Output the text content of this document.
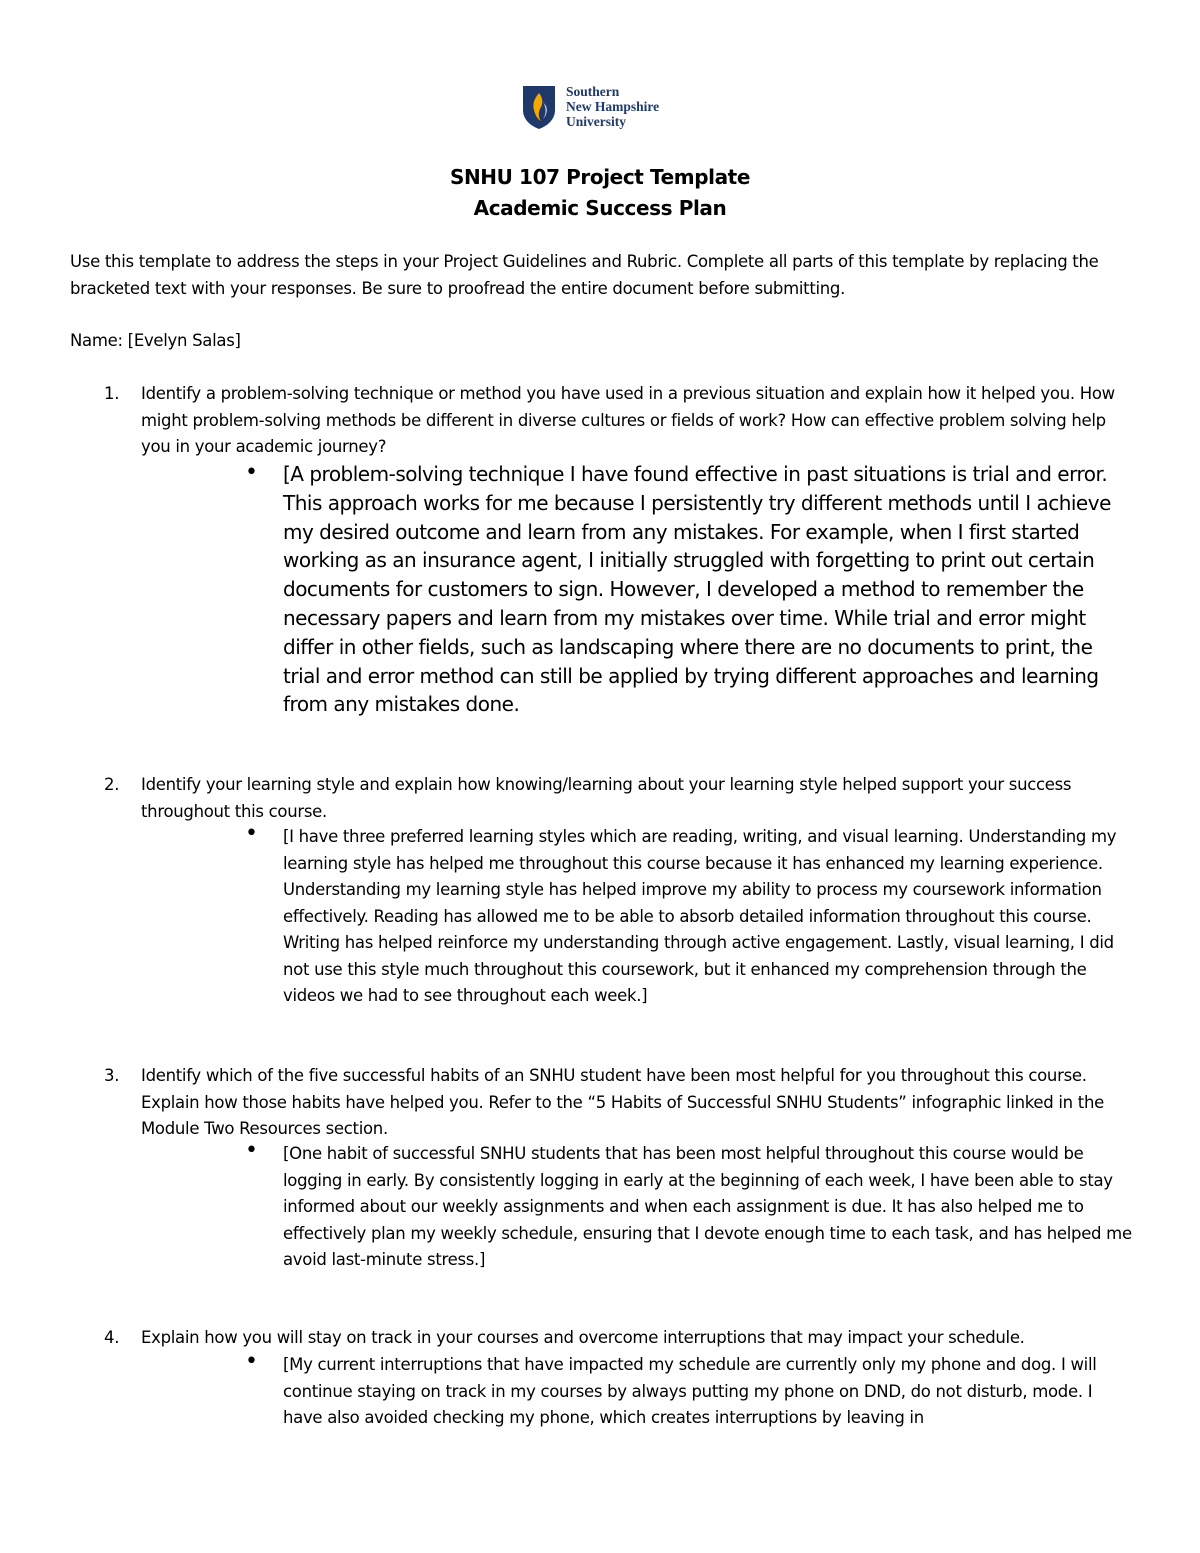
Southern
New Hampshire
University
SNHU 107 Project Template
Academic Success Plan
Use this template to address the steps in your Project Guidelines and Rubric. Complete all parts of this template by replacing the bracketed text with your responses. Be sure to proofread the entire document before submitting.
Name: [Evelyn Salas]
1.	Identify a problem-solving technique or method you have used in a previous situation and explain how it helped you. How might problem-solving methods be different in diverse cultures or fields of work? How can effective problem solving help you in your academic journey?
• [A problem-solving technique I have found effective in past situations is trial and error. This approach works for me because I persistently try different methods until I achieve my desired outcome and learn from any mistakes. For example, when I first started working as an insurance agent, I initially struggled with forgetting to print out certain documents for customers to sign. However, I developed a method to remember the necessary papers and learn from my mistakes over time. While trial and error might differ in other fields, such as landscaping where there are no documents to print, the trial and error method can still be applied by trying different approaches and learning from any mistakes done.
2.	Identify your learning style and explain how knowing/learning about your learning style helped support your success throughout this course.
• [I have three preferred learning styles which are reading, writing, and visual learning. Understanding my learning style has helped me throughout this course because it has enhanced my learning experience. Understanding my learning style has helped improve my ability to process my coursework information effectively. Reading has allowed me to be able to absorb detailed information throughout this course. Writing has helped reinforce my understanding through active engagement. Lastly, visual learning, I did not use this style much throughout this coursework, but it enhanced my comprehension through the videos we had to see throughout each week.]
3.	Identify which of the five successful habits of an SNHU student have been most helpful for you throughout this course. Explain how those habits have helped you. Refer to the “5 Habits of Successful SNHU Students” infographic linked in the Module Two Resources section.
• [One habit of successful SNHU students that has been most helpful throughout this course would be logging in early. By consistently logging in early at the beginning of each week, I have been able to stay informed about our weekly assignments and when each assignment is due. It has also helped me to effectively plan my weekly schedule, ensuring that I devote enough time to each task, and has helped me avoid last-minute stress.]
4.	Explain how you will stay on track in your courses and overcome interruptions that may impact your schedule.
• [My current interruptions that have impacted my schedule are currently only my phone and dog. I will continue staying on track in my courses by always putting my phone on DND, do not disturb, mode. I have also avoided checking my phone, which creates interruptions by leaving in
